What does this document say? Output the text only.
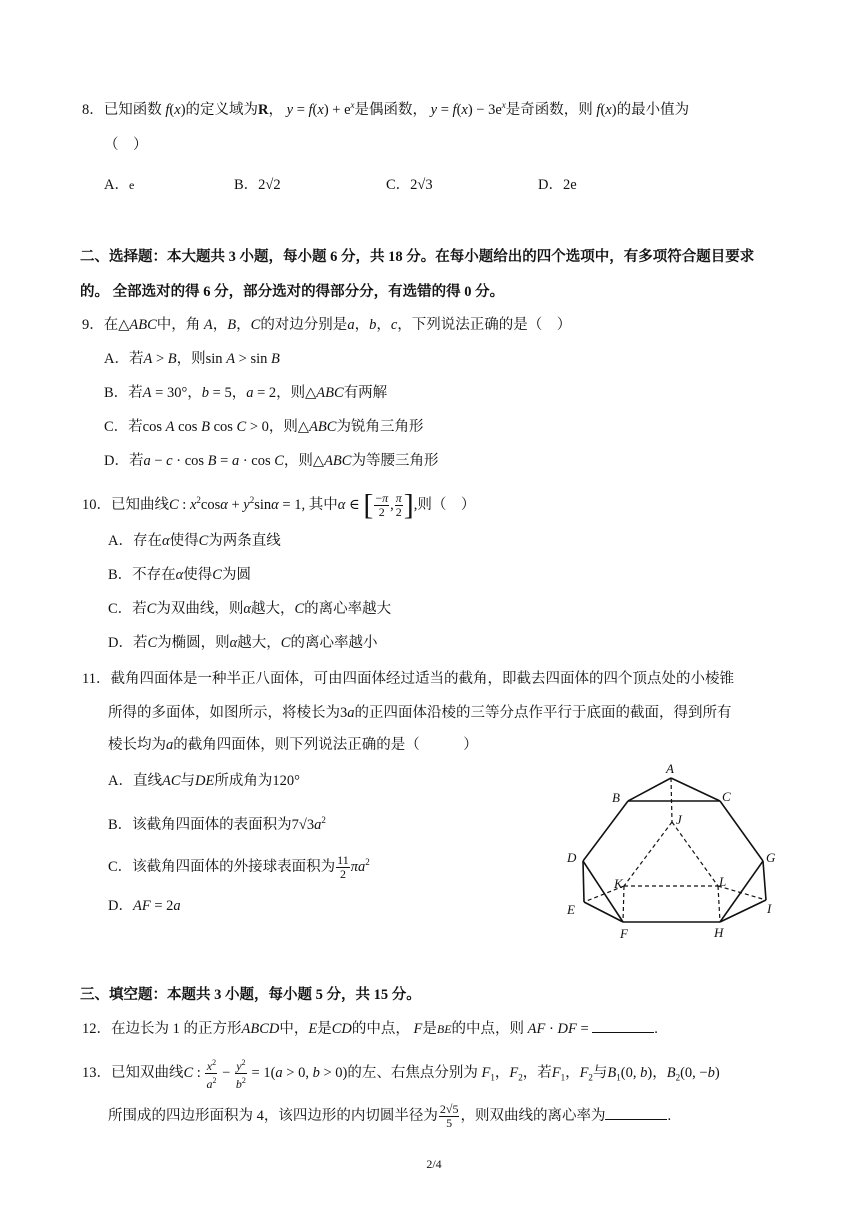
8．已知函数 f(x)的定义域为R， $y = f(x) + e^x$是偶函数， $y = f(x) - 3e^x$是奇函数，则 f(x)的最小值为
（　）
A．e	B．2√2	C．2√3	D．2e
二、选择题：本大题共 3 小题，每小题 6 分，共 18 分。在每小题给出的四个选项中，有多项符合题目要求
的。 全部选对的得 6 分，部分选对的得部分分，有选错的得 0 分。
9．在△ABC中，角 A，B，C的对边分别是a，b，c，下列说法正确的是（　）
A．若A > B，则sin A > sin B
B．若A = 30°，b = 5，a = 2，则△ABC有两解
C．若cos A cos B cos C > 0，则△ABC为锐角三角形
D．若a − c · cos B = a · cos C，则△ABC为等腰三角形
10．已知曲线C : $x^2\cos\alpha + y^2\sin\alpha = 1$, 其中α ∈ [ $\frac{-\pi}{2}$ , $\frac{\pi}{2}$ ],则（　）
A．存在α使得C为两条直线
B．不存在α使得C为圆
C．若C为双曲线，则α越大，C的离心率越大
D．若C为椭圆，则α越大，C的离心率越小
11．截角四面体是一种半正八面体，可由四面体经过适当的截角，即截去四面体的四个顶点处的小棱锥
所得的多面体，如图所示，将棱长为3a的正四面体沿棱的三等分点作平行于底面的截面，得到所有
棱长均为a的截角四面体，则下列说法正确的是（　　　）
A．直线AC与DE所成角为120°
B．该截角四面体的表面积为$7√3a^2$
C．该截角四面体的外接球表面积为 $\frac{11}{2} \pi a^2$
D．AF = 2a
A
B	C
J
D	G
K	L
E	I
F	H
三、填空题：本题共 3 小题，每小题 5 分，共 15 分。
12．在边长为 1 的正方形ABCD中，E是CD的中点， F是BE的中点，则 AF · DF =	.
13．已知双曲线C : $\frac{x^2}{a^2} - \frac{y^2}{b^2} = 1(a > 0$, b > 0)的左、右焦点分别为 $F_1$，$F_2$，若$F_1$，$F_2$与$B_1(0$, b)，$B_2(0$, −b)
所围成的四边形面积为 4，该四边形的内切圆半径为 $\frac{2√5}{5}$ ，则双曲线的离心率为	.
2/4
